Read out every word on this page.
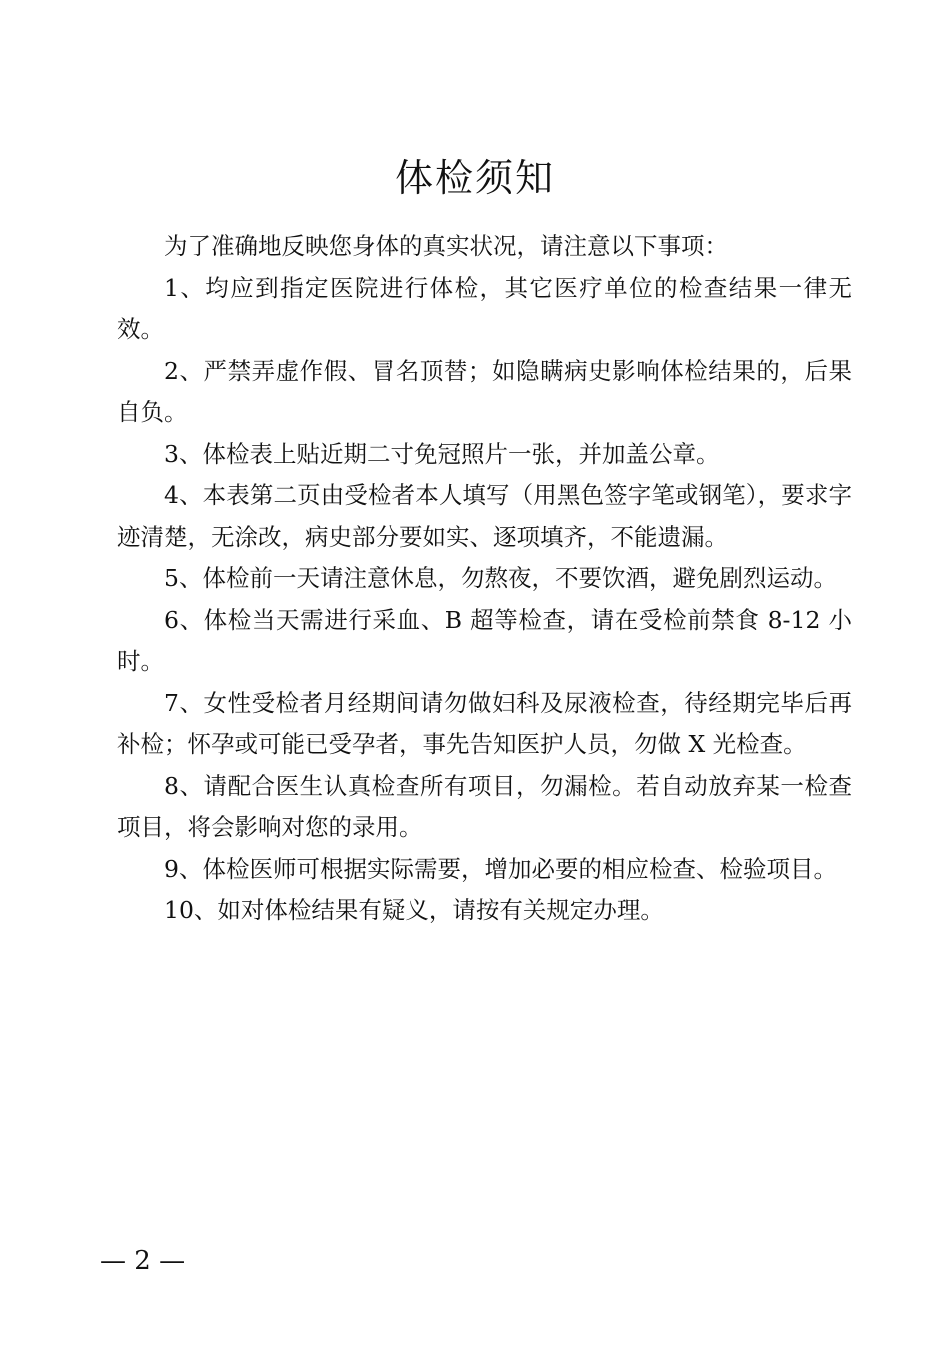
体检须知

为了准确地反映您身体的真实状况，请注意以下事项：

1、均应到指定医院进行体检，其它医疗单位的检查结果一律无效。

2、严禁弄虚作假、冒名顶替；如隐瞒病史影响体检结果的，后果自负。

3、体检表上贴近期二寸免冠照片一张，并加盖公章。

4、本表第二页由受检者本人填写（用黑色签字笔或钢笔），要求字迹清楚，无涂改，病史部分要如实、逐项填齐，不能遗漏。

5、体检前一天请注意休息，勿熬夜，不要饮酒，避免剧烈运动。

6、体检当天需进行采血、B 超等检查，请在受检前禁食 8-12 小时。

7、女性受检者月经期间请勿做妇科及尿液检查，待经期完毕后再补检；怀孕或可能已受孕者，事先告知医护人员，勿做 X 光检查。

8、请配合医生认真检查所有项目，勿漏检。若自动放弃某一检查项目，将会影响对您的录用。

9、体检医师可根据实际需要，增加必要的相应检查、检验项目。

10、如对体检结果有疑义，请按有关规定办理。

— 2 —
